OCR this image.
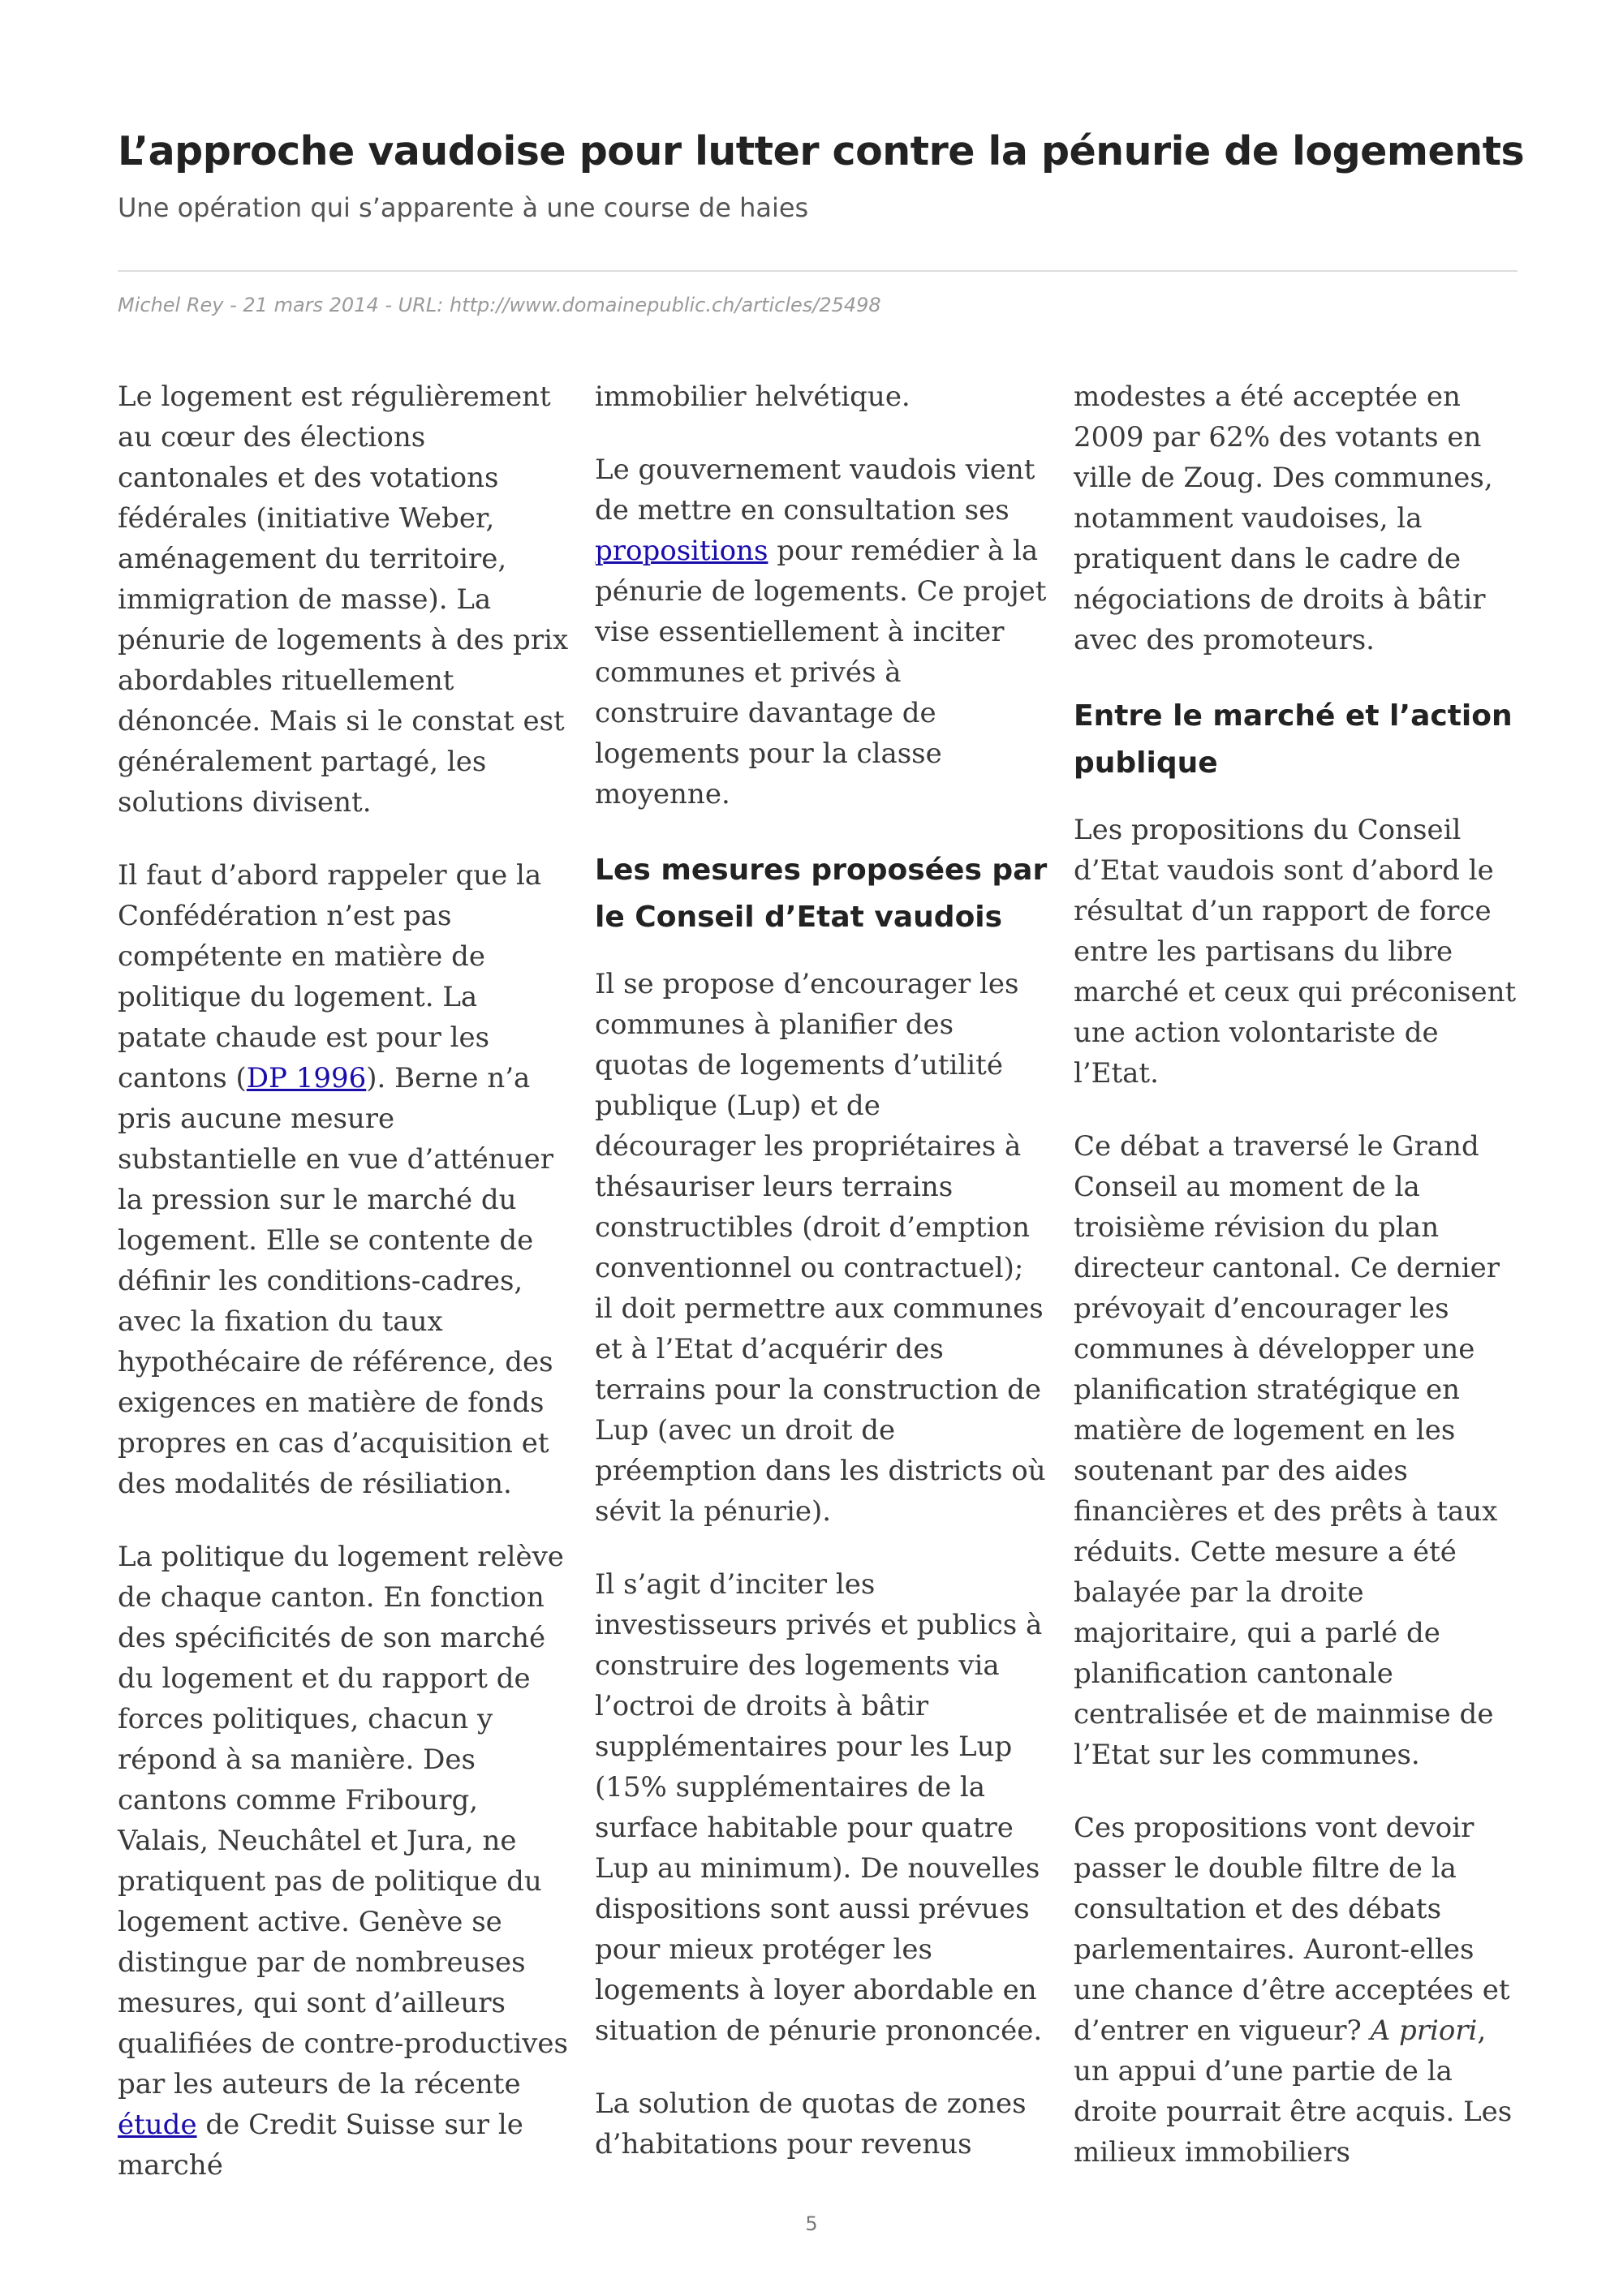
L’approche vaudoise pour lutter contre la pénurie de logements
Une opération qui s’apparente à une course de haies
Michel Rey - 21 mars 2014 - URL: http://www.domainepublic.ch/articles/25498

Le logement est régulièrement au cœur des élections cantonales et des votations fédérales (initiative Weber, aménagement du territoire, immigration de masse). La pénurie de logements à des prix abordables rituellement dénoncée. Mais si le constat est généralement partagé, les solutions divisent.

Il faut d’abord rappeler que la Confédération n’est pas compétente en matière de politique du logement. La patate chaude est pour les cantons (DP 1996). Berne n’a pris aucune mesure substantielle en vue d’atténuer la pression sur le marché du logement. Elle se contente de définir les conditions-cadres, avec la fixation du taux hypothécaire de référence, des exigences en matière de fonds propres en cas d’acquisition et des modalités de résiliation.

La politique du logement relève de chaque canton. En fonction des spécificités de son marché du logement et du rapport de forces politiques, chacun y répond à sa manière. Des cantons comme Fribourg, Valais, Neuchâtel et Jura, ne pratiquent pas de politique du logement active. Genève se distingue par de nombreuses mesures, qui sont d’ailleurs qualifiées de contre-productives par les auteurs de la récente étude de Credit Suisse sur le marché

immobilier helvétique.

Le gouvernement vaudois vient de mettre en consultation ses propositions pour remédier à la pénurie de logements. Ce projet vise essentiellement à inciter communes et privés à construire davantage de logements pour la classe moyenne.

Les mesures proposées par le Conseil d’Etat vaudois

Il se propose d’encourager les communes à planifier des quotas de logements d’utilité publique (Lup) et de décourager les propriétaires à thésauriser leurs terrains constructibles (droit d’emption conventionnel ou contractuel); il doit permettre aux communes et à l’Etat d’acquérir des terrains pour la construction de Lup (avec un droit de préemption dans les districts où sévit la pénurie).

Il s’agit d’inciter les investisseurs privés et publics à construire des logements via l’octroi de droits à bâtir supplémentaires pour les Lup (15% supplémentaires de la surface habitable pour quatre Lup au minimum). De nouvelles dispositions sont aussi prévues pour mieux protéger les logements à loyer abordable en situation de pénurie prononcée.

La solution de quotas de zones d’habitations pour revenus

modestes a été acceptée en 2009 par 62% des votants en ville de Zoug. Des communes, notamment vaudoises, la pratiquent dans le cadre de négociations de droits à bâtir avec des promoteurs.

Entre le marché et l’action publique

Les propositions du Conseil d’Etat vaudois sont d’abord le résultat d’un rapport de force entre les partisans du libre marché et ceux qui préconisent une action volontariste de l’Etat.

Ce débat a traversé le Grand Conseil au moment de la troisième révision du plan directeur cantonal. Ce dernier prévoyait d’encourager les communes à développer une planification stratégique en matière de logement en les soutenant par des aides financières et des prêts à taux réduits. Cette mesure a été balayée par la droite majoritaire, qui a parlé de planification cantonale centralisée et de mainmise de l’Etat sur les communes.

Ces propositions vont devoir passer le double filtre de la consultation et des débats parlementaires. Auront-elles une chance d’être acceptées et d’entrer en vigueur? A priori, un appui d’une partie de la droite pourrait être acquis. Les milieux immobiliers

5
